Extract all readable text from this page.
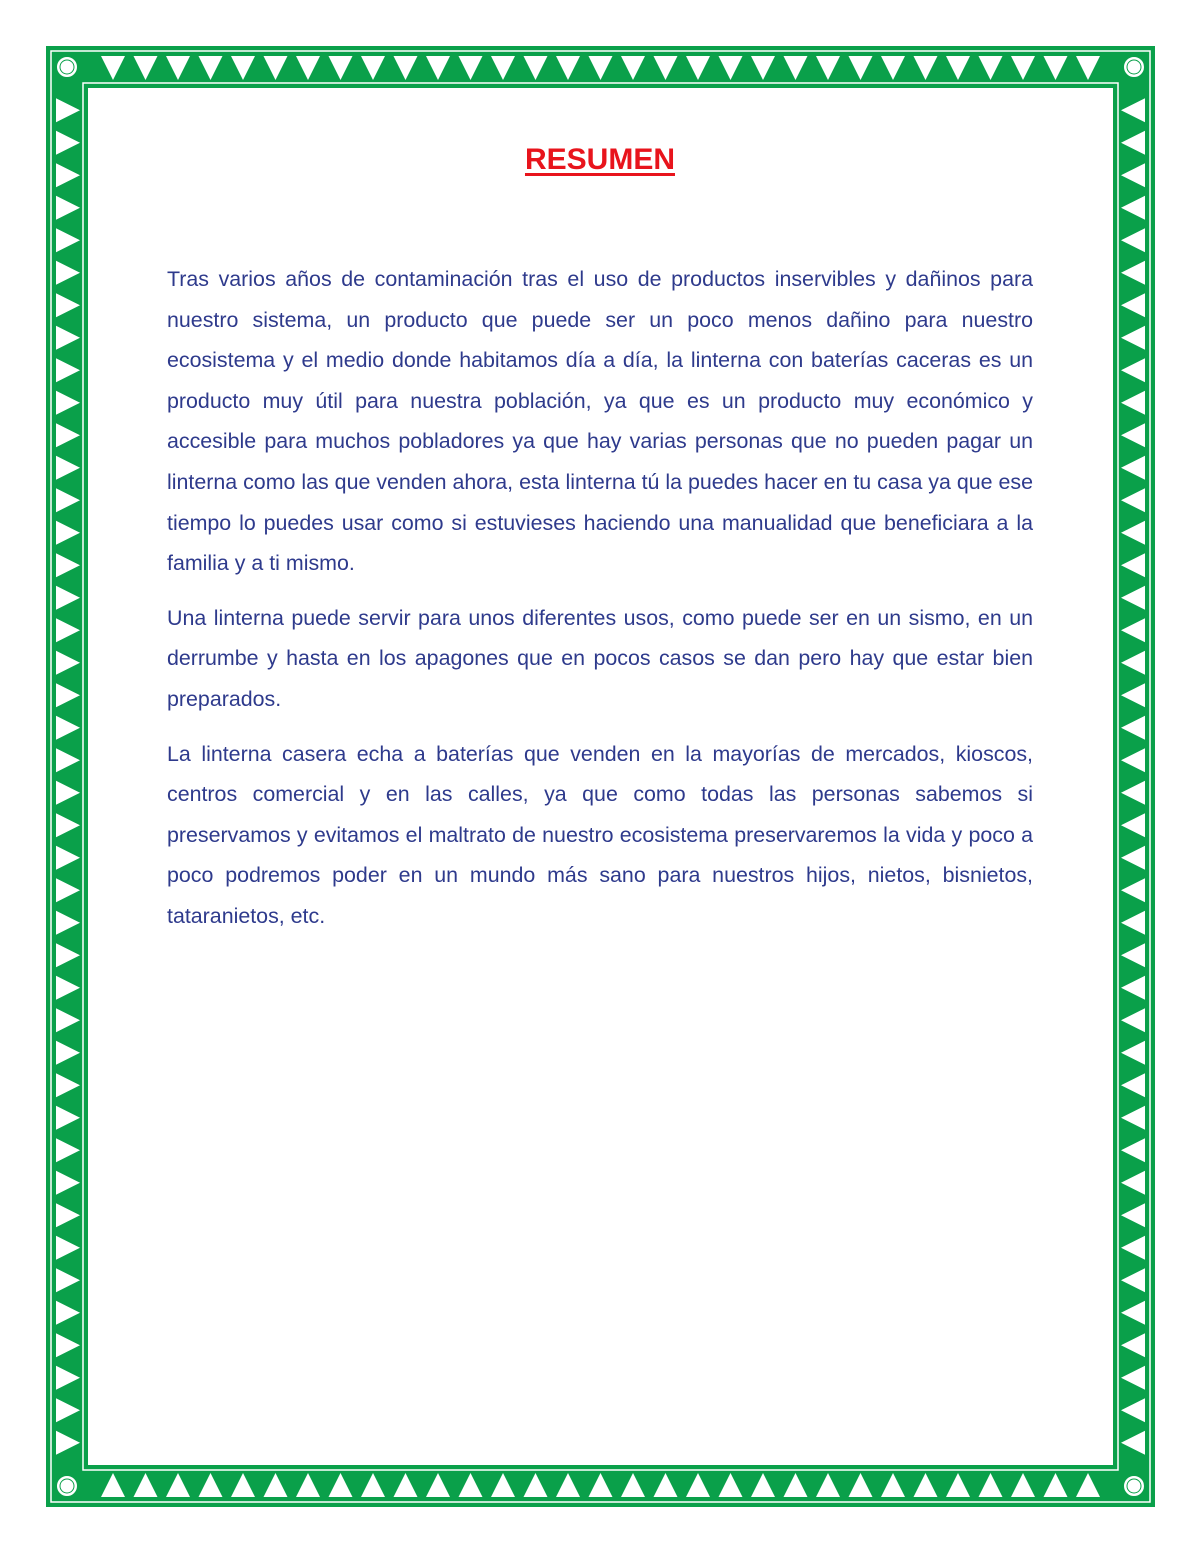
RESUMEN

Tras varios años de contaminación tras el uso de productos inservibles y dañinos para nuestro sistema, un producto que puede ser un poco menos dañino para nuestro ecosistema y el medio donde habitamos día a día, la linterna con baterías caceras es un producto muy útil para nuestra población, ya que es un producto muy económico y accesible para muchos pobladores ya que hay varias personas que no pueden pagar un linterna como las que venden ahora, esta linterna tú la puedes hacer en tu casa ya que ese tiempo lo puedes usar como si estuvieses haciendo una manualidad que beneficiara a la familia y a ti mismo.

Una linterna puede servir para unos diferentes usos, como puede ser en un sismo, en un derrumbe y hasta en los apagones que en pocos casos se dan pero hay que estar bien preparados.

La linterna casera echa a baterías que venden en la mayorías de mercados, kioscos, centros comercial y en las calles, ya que como todas las personas sabemos si preservamos y evitamos el maltrato de nuestro ecosistema preservaremos la vida y poco a poco podremos poder en un mundo más sano para nuestros hijos, nietos, bisnietos, tataranietos, etc.
